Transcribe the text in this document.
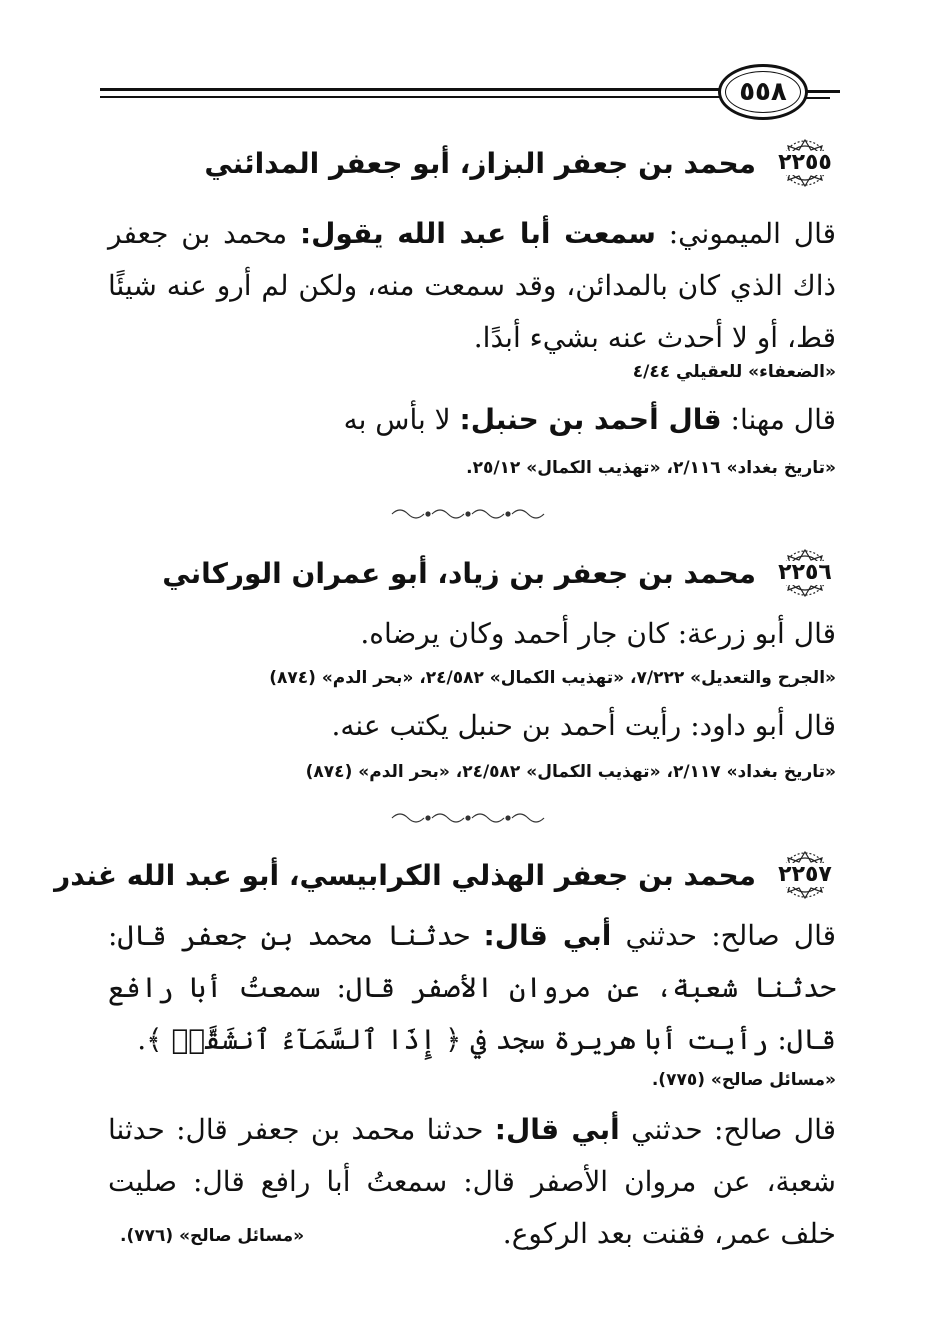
٥٥٨
٢٢٥٥
محمد بن جعفر البزاز، أبو جعفر المدائني
قال الميموني: سمعت أبا عبد الله يقول: محمد بن جعفر ذاك الذي كان بالمدائن، وقد سمعت منه، ولكن لم أرو عنه شيئًا قط، أو لا أحدث عنه بشيء أبدًا.
«الضعفاء» للعقيلي ٤/٤٤
قال مهنا: قال أحمد بن حنبل: لا بأس به
«تاريخ بغداد» ٢/١١٦، «تهذيب الكمال» ٢٥/١٢.
٢٢٥٦
محمد بن جعفر بن زياد، أبو عمران الوركاني
قال أبو زرعة: كان جار أحمد وكان يرضاه.
«الجرح والتعديل» ٧/٢٢٢، «تهذيب الكمال» ٢٤/٥٨٢، «بحر الدم» (٨٧٤)
قال أبو داود: رأيت أحمد بن حنبل يكتب عنه.
«تاريخ بغداد» ٢/١١٧، «تهذيب الكمال» ٢٤/٥٨٢، «بحر الدم» (٨٧٤)
٢٢٥٧
محمد بن جعفر الهذلي الكرابيسي، أبو عبد الله غندر
قال صالح: حدثني أبي قال: حدثنا محمد بن جعفر قال: حدثنا شعبة، عن مروان الأصفر قال: سمعتُ أبا رافع قال: رأيت أبا هريرة سجد في ﴿ إِذَا ٱلسَّمَآءُ ٱنشَقَّتۡ ﴾.
«مسائل صالح» (٧٧٥).
قال صالح: حدثني أبي قال: حدثنا محمد بن جعفر قال: حدثنا شعبة، عن مروان الأصفر قال: سمعتُ أبا رافع قال: صليت خلف عمر، فقنت بعد الركوع.
«مسائل صالح» (٧٧٦).
